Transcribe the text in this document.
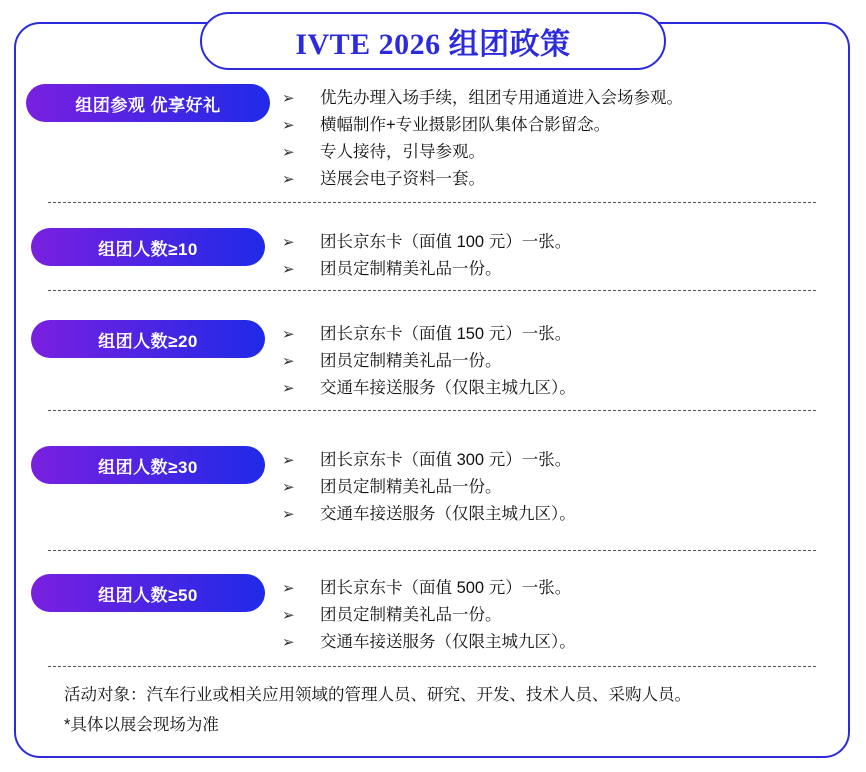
IVTE 2026 组团政策
组团参观 优享好礼	➢	优先办理入场手续，组团专用通道进入会场参观。
➢	横幅制作+专业摄影团队集体合影留念。
➢	专人接待，引导参观。
➢	送展会电子资料一套。
组团人数≥10	➢	团长京东卡（面值 100 元）一张。
➢	团员定制精美礼品一份。
组团人数≥20	➢	团长京东卡（面值 150 元）一张。
➢	团员定制精美礼品一份。
➢	交通车接送服务（仅限主城九区）。
组团人数≥30	➢	团长京东卡（面值 300 元）一张。
➢	团员定制精美礼品一份。
➢	交通车接送服务（仅限主城九区）。
组团人数≥50	➢	团长京东卡（面值 500 元）一张。
➢	团员定制精美礼品一份。
➢	交通车接送服务（仅限主城九区）。
活动对象：汽车行业或相关应用领域的管理人员、研究、开发、技术人员、采购人员。
*具体以展会现场为准
